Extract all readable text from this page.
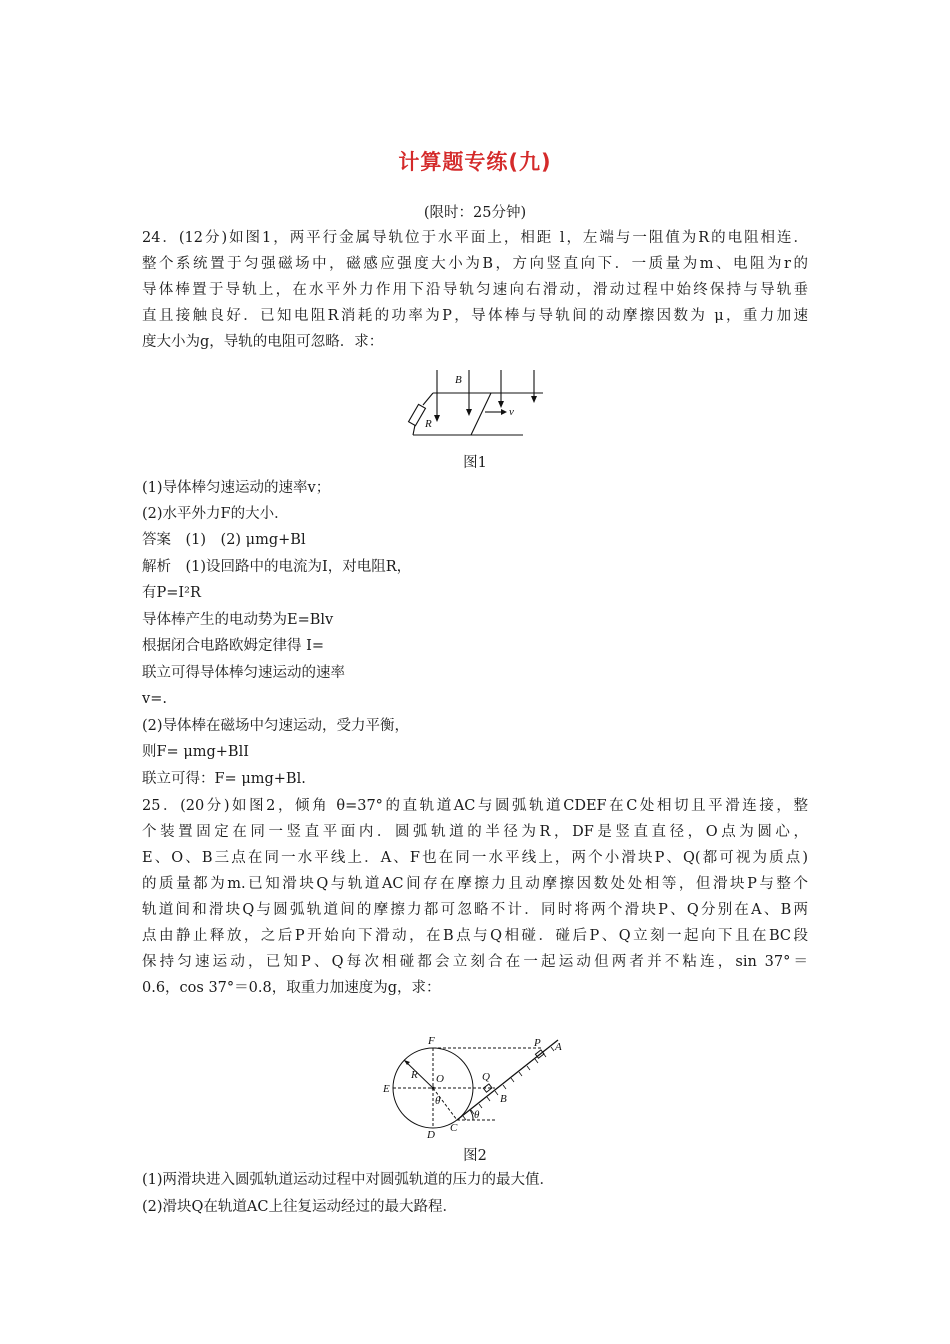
计算题专练(九)
(限时：25分钟)
24．(12分)如图1，两平行金属导轨位于水平面上，相距 l，左端与一阻值为R的电阻相连．
整个系统置于匀强磁场中，磁感应强度大小为B，方向竖直向下．一质量为m、电阻为r的
导体棒置于导轨上，在水平外力作用下沿导轨匀速向右滑动，滑动过程中始终保持与导轨垂
直且接触良好．已知电阻R消耗的功率为P，导体棒与导轨间的动摩擦因数为 μ，重力加速
度大小为g，导轨的电阻可忽略．求：
B
R
v
图1
(1)导体棒匀速运动的速率v；
(2)水平外力F的大小．
答案　(1)　(2) μmg+Bl
解析　(1)设回路中的电流为I，对电阻R，
有P=I²R
导体棒产生的电动势为E=Blv
根据闭合电路欧姆定律得 I=
联立可得导体棒匀速运动的速率
v=.
(2)导体棒在磁场中匀速运动，受力平衡，
则F= μmg+BlI
联立可得：F= μmg+Bl.
25．(20分)如图2，倾角 θ=37°的直轨道AC与圆弧轨道CDEF在C处相切且平滑连接，整
个装置固定在同一竖直平面内．圆弧轨道的半径为R，DF是竖直直径，O点为圆心，
E、O、B三点在同一水平线上．A、F也在同一水平线上，两个小滑块P、Q(都可视为质点)
的质量都为m.已知滑块Q与轨道AC间存在摩擦力且动摩擦因数处处相等，但滑块P与整个
轨道间和滑块Q与圆弧轨道间的摩擦力都可忽略不计．同时将两个滑块P、Q分别在A、B两
点由静止释放，之后P开始向下滑动，在B点与Q相碰．碰后P、Q立刻一起向下且在BC段
保持匀速运动，已知P、Q每次相碰都会立刻合在一起运动但两者并不粘连，sin 37°＝
0.6，cos 37°＝0.8，取重力加速度为g，求：
F	P A
R O	Q
E
B
θ
θ
C
D
图2
(1)两滑块进入圆弧轨道运动过程中对圆弧轨道的压力的最大值．
(2)滑块Q在轨道AC上往复运动经过的最大路程．
